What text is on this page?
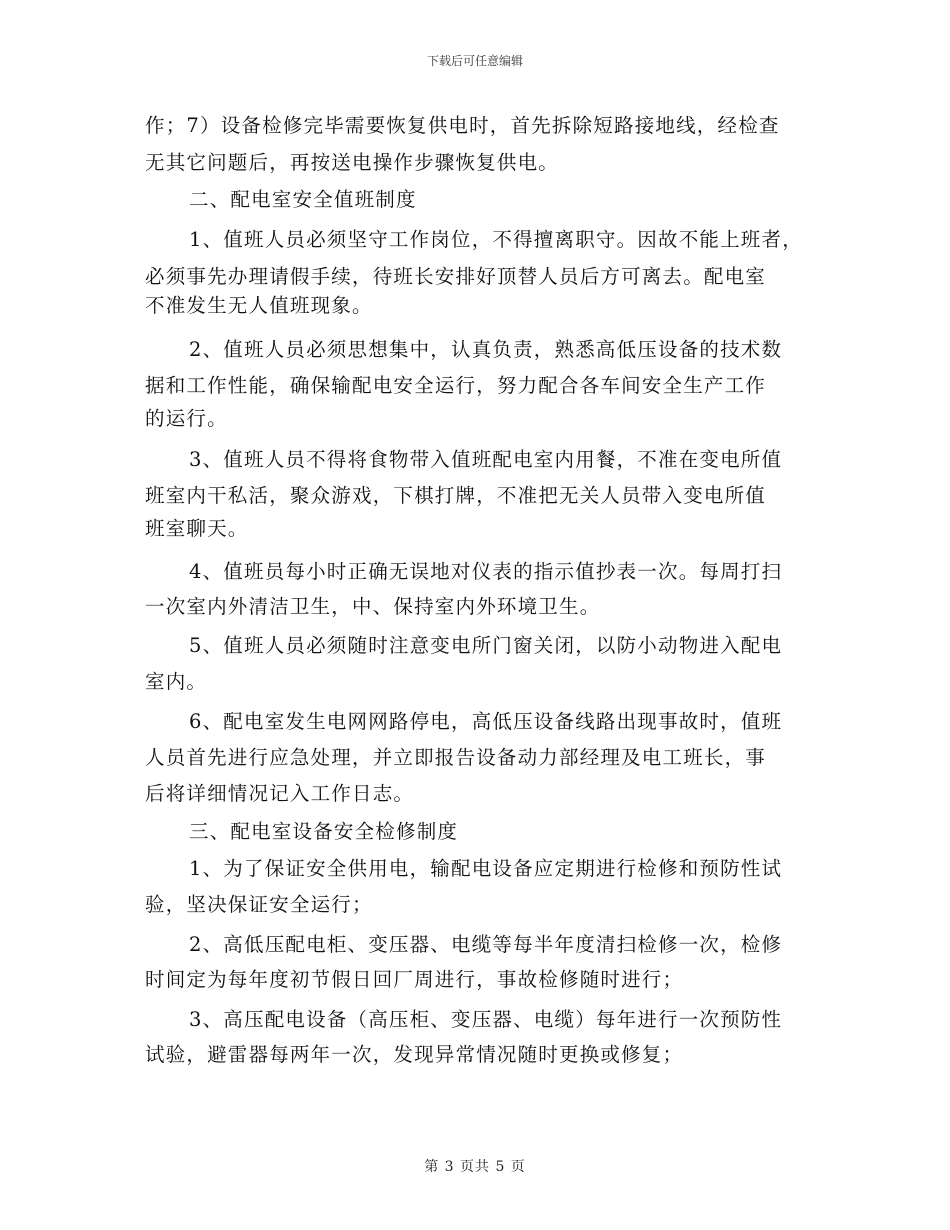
下载后可任意编辑
作；7）设备检修完毕需要恢复供电时，首先拆除短路接地线，经检查
无其它问题后，再按送电操作步骤恢复供电。
二、配电室安全值班制度
1、值班人员必须坚守工作岗位，不得擅离职守。因故不能上班者，
必须事先办理请假手续，待班长安排好顶替人员后方可离去。配电室
不准发生无人值班现象。
2、值班人员必须思想集中，认真负责，熟悉高低压设备的技术数
据和工作性能，确保输配电安全运行，努力配合各车间安全生产工作
的运行。
3、值班人员不得将食物带入值班配电室内用餐，不准在变电所值
班室内干私活，聚众游戏，下棋打牌，不准把无关人员带入变电所值
班室聊天。
4、值班员每小时正确无误地对仪表的指示值抄表一次。每周打扫
一次室内外清洁卫生，中、保持室内外环境卫生。
5、值班人员必须随时注意变电所门窗关闭，以防小动物进入配电
室内。
6、配电室发生电网网路停电，高低压设备线路出现事故时，值班
人员首先进行应急处理，并立即报告设备动力部经理及电工班长，事
后将详细情况记入工作日志。
三、配电室设备安全检修制度
1、为了保证安全供用电，输配电设备应定期进行检修和预防性试
验，坚决保证安全运行；
2、高低压配电柜、变压器、电缆等每半年度清扫检修一次，检修
时间定为每年度初节假日回厂周进行，事故检修随时进行；
3、高压配电设备（高压柜、变压器、电缆）每年进行一次预防性
试验，避雷器每两年一次，发现异常情况随时更换或修复；
第 3 页共 5 页
